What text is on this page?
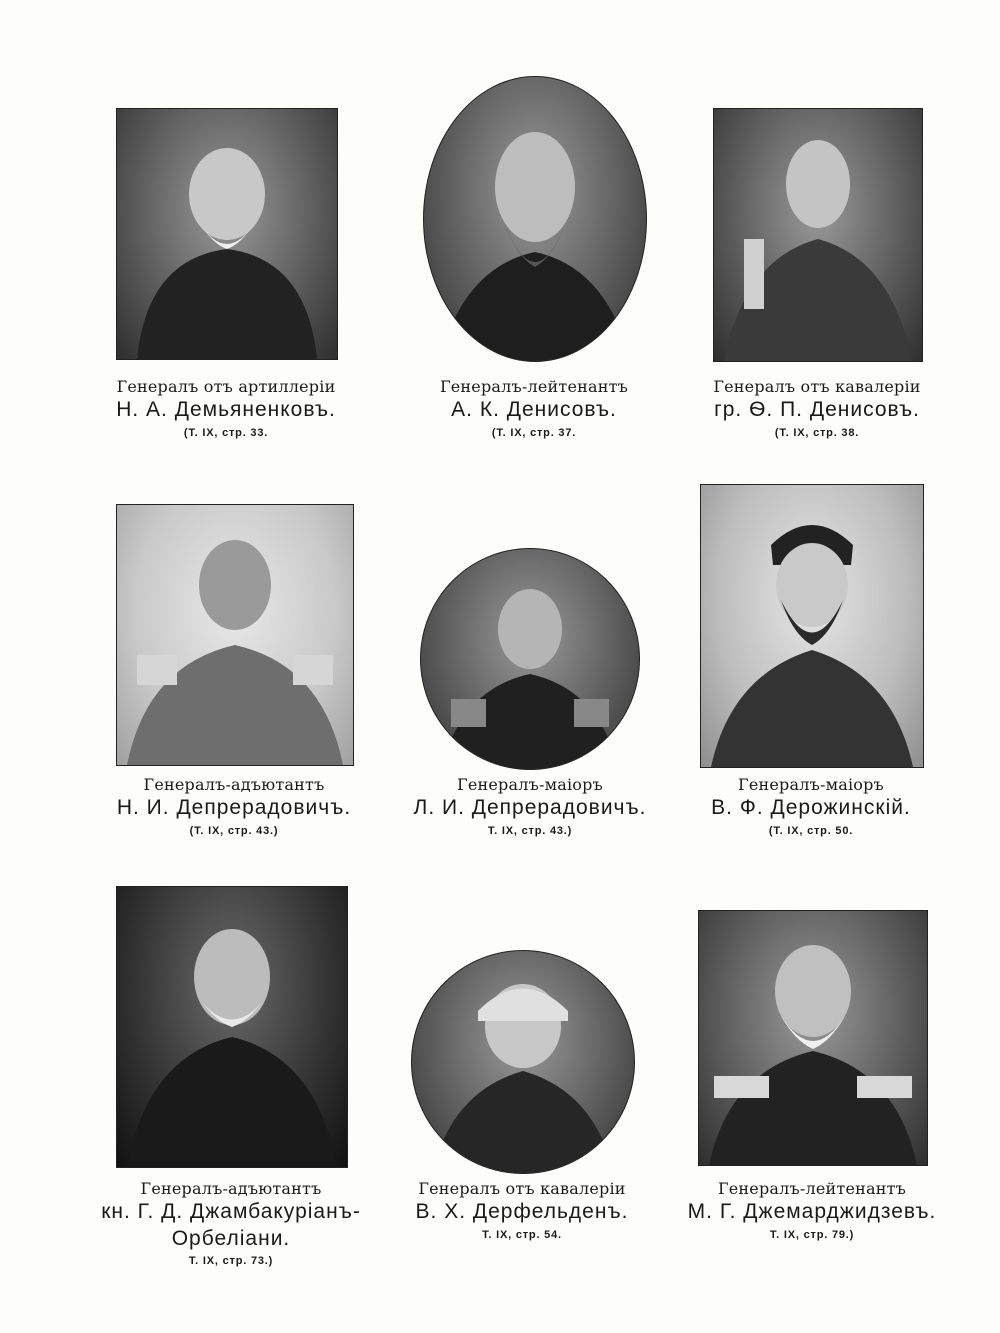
Генералъ отъ артиллеріи
Н. А. Демьяненковъ.
(Т. IX, стр. 33.
Генералъ-лейтенантъ
А. К. Денисовъ.
(Т. IX, стр. 37.
Генералъ отъ кавалеріи
гр. Ѳ. П. Денисовъ.
(Т. IX, стр. 38.
Генералъ-адъютантъ
Н. И. Депрерадовичъ.
(Т. IX, стр. 43.)
Генералъ-маіоръ
Л. И. Депрерадовичъ.
Т. IX, стр. 43.)
Генералъ-маіоръ
В. Ф. Дерожинскій.
(Т. IX, стр. 50.
Генералъ-адъютантъ
кн. Г. Д. Джамбакуріанъ-
Орбеліани.
Т. IX, стр. 73.)
Генералъ отъ кавалеріи
В. Х. Дерфельденъ.
Т. IX, стр. 54.
Генералъ-лейтенантъ
М. Г. Джемарджидзевъ.
Т. IX, стр. 79.)
